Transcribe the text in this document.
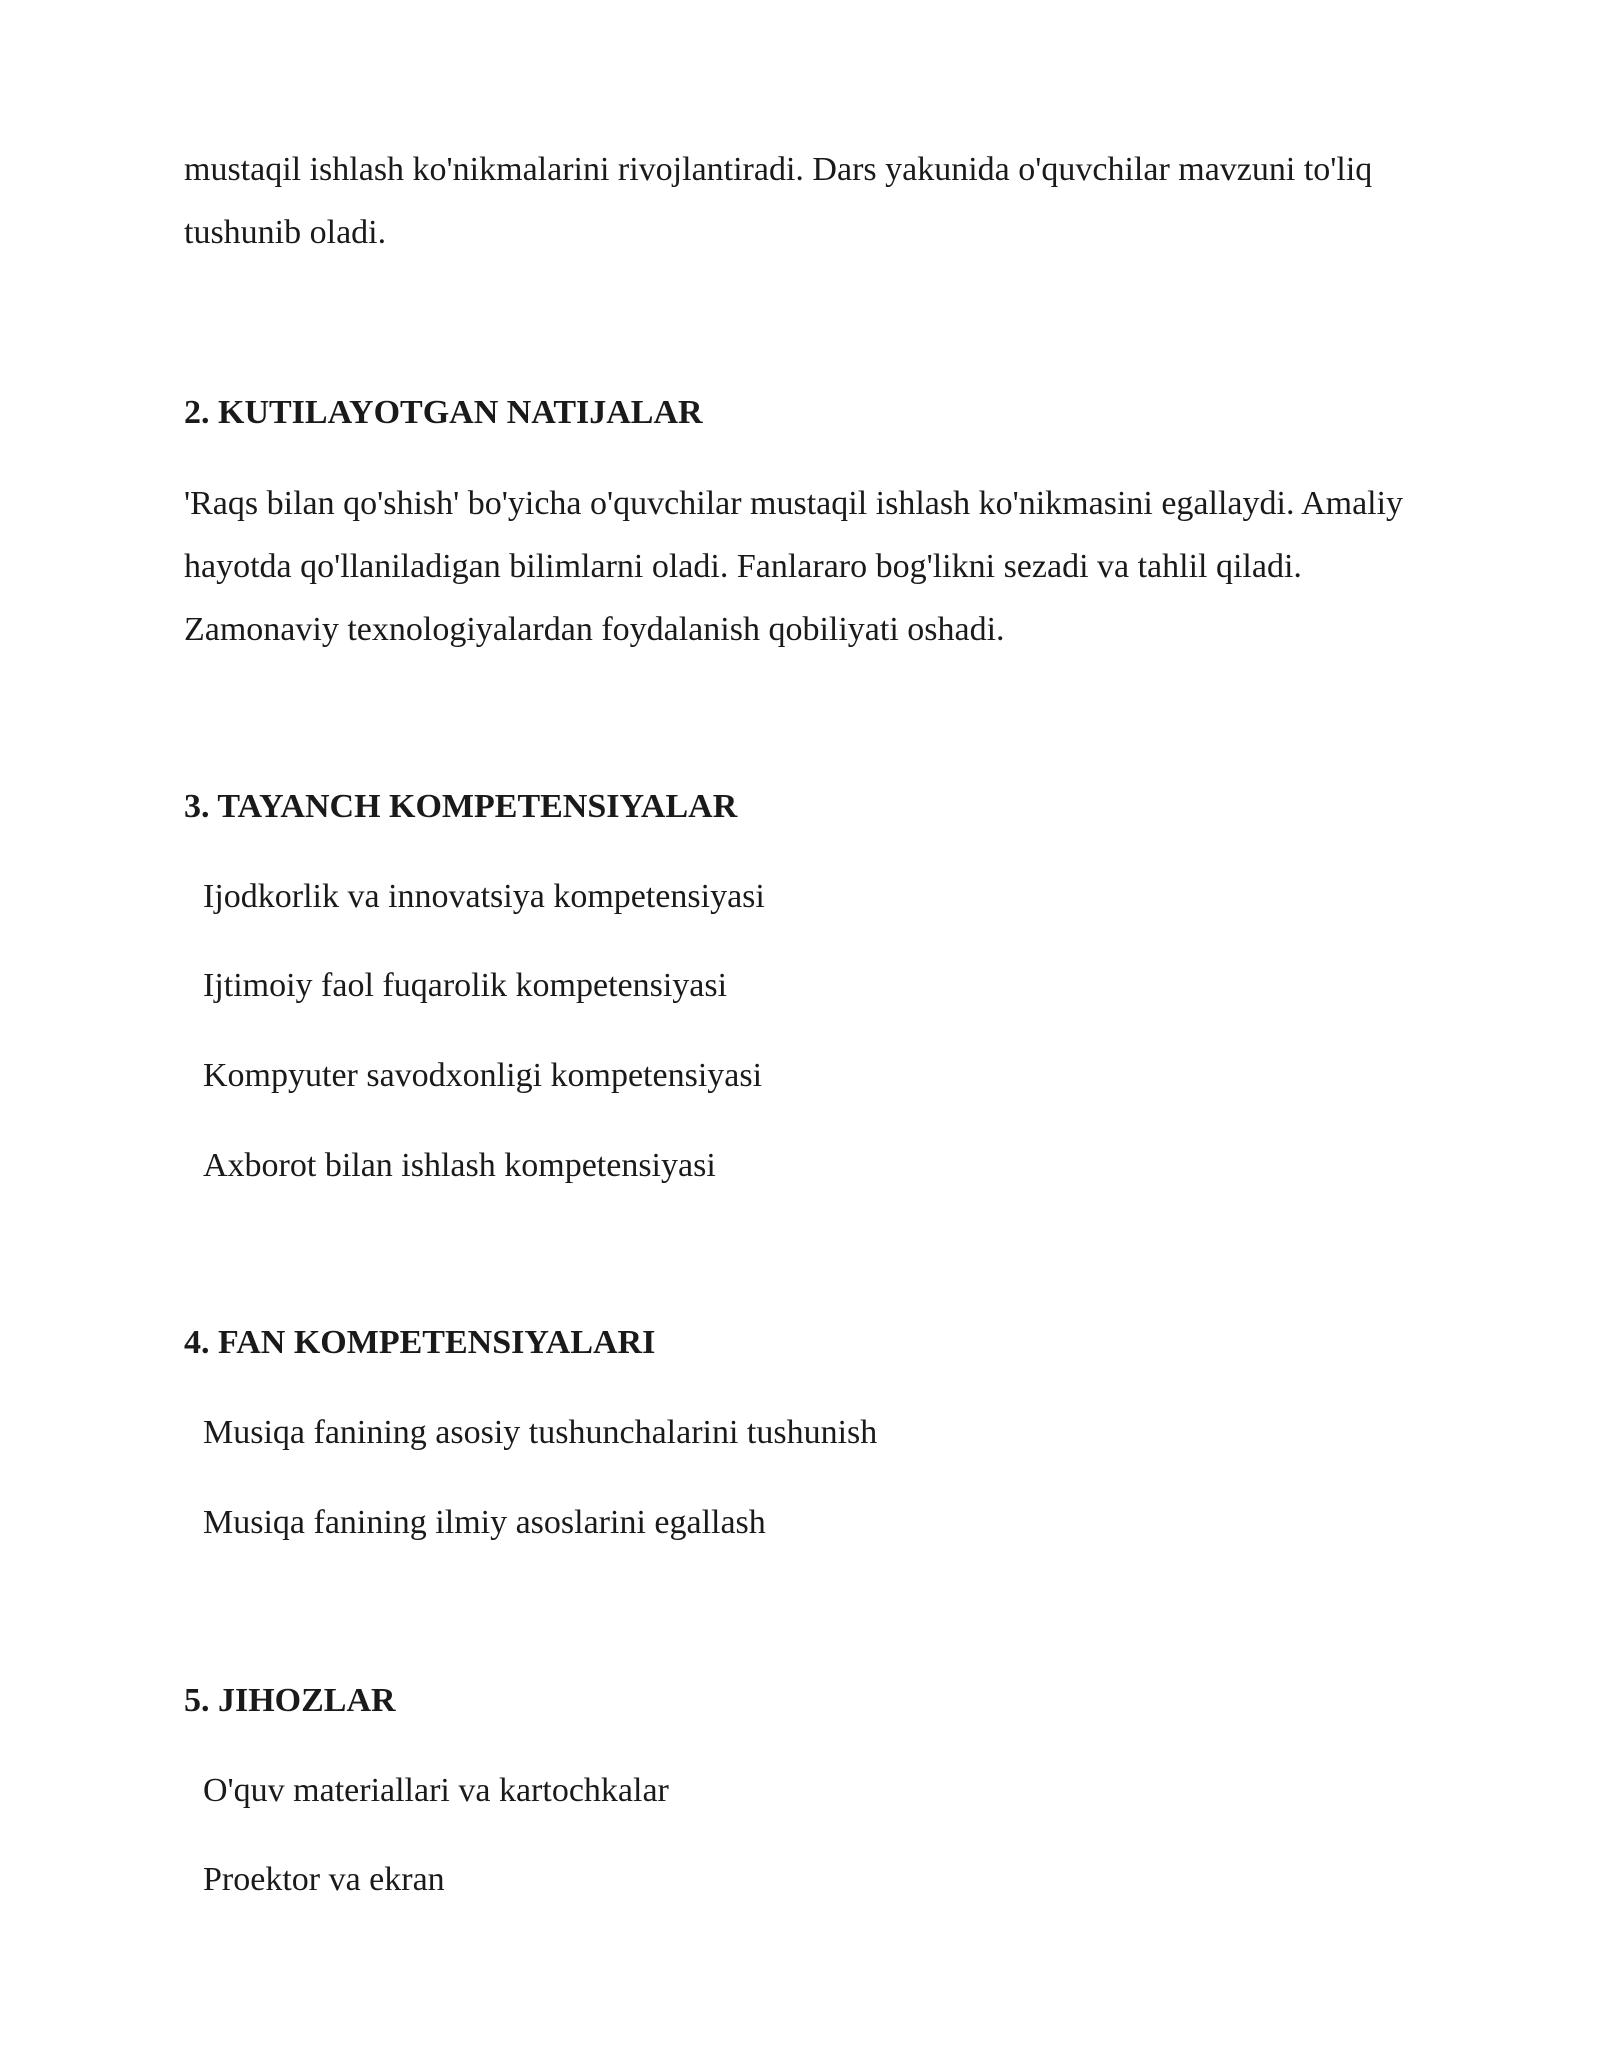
mustaqil ishlash ko'nikmalarini rivojlantiradi. Dars yakunida o'quvchilar mavzuni to'liq tushunib oladi.

2. KUTILAYOTGAN NATIJALAR

'Raqs bilan qo'shish' bo'yicha o'quvchilar mustaqil ishlash ko'nikmasini egallaydi. Amaliy hayotda qo'llaniladigan bilimlarni oladi. Fanlararo bog'likni sezadi va tahlil qiladi. Zamonaviy texnologiyalardan foydalanish qobiliyati oshadi.

3. TAYANCH KOMPETENSIYALAR

Ijodkorlik va innovatsiya kompetensiyasi

Ijtimoiy faol fuqarolik kompetensiyasi

Kompyuter savodxonligi kompetensiyasi

Axborot bilan ishlash kompetensiyasi

4. FAN KOMPETENSIYALARI

Musiqa fanining asosiy tushunchalarini tushunish

Musiqa fanining ilmiy asoslarini egallash

5. JIHOZLAR

O'quv materiallari va kartochkalar

Proektor va ekran
